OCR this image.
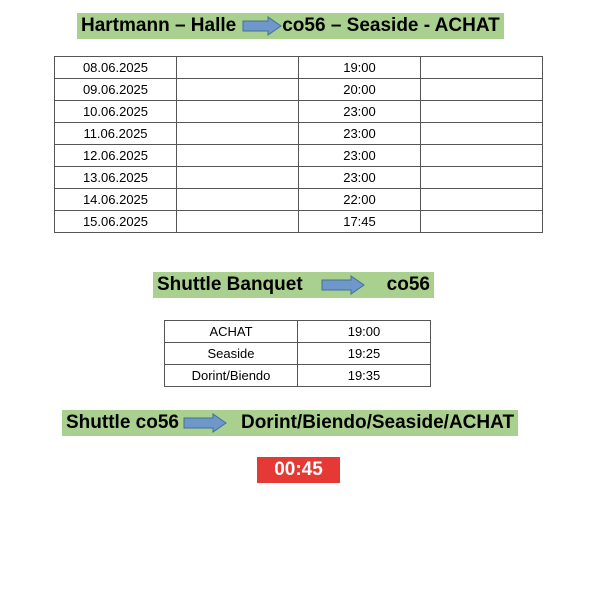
Hartmann – Halle co56 – Seaside - ACHAT
08.06.2025		19:00	
09.06.2025		20:00	
10.06.2025		23:00	
11.06.2025		23:00	
12.06.2025		23:00	
13.06.2025		23:00	
14.06.2025		22:00	
15.06.2025		17:45	
Shuttle Banquet	co56
ACHAT	19:00
Seaside	19:25
Dorint/Biendo	19:35
Shuttle co56	Dorint/Biendo/Seaside/ACHAT
00:45
